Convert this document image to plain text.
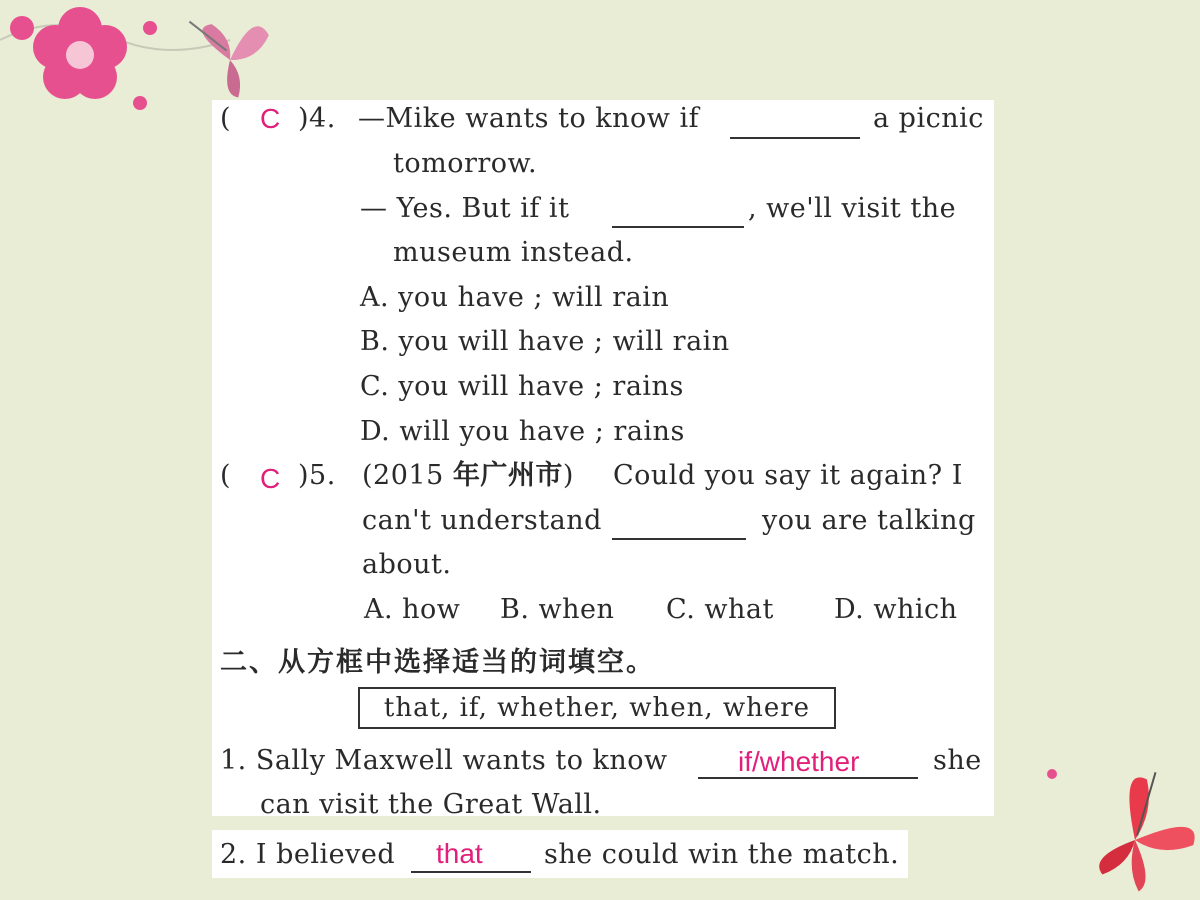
( C )4. —Mike wants to know if	a picnic
tomorrow.
— Yes. But if it	, we'll visit the
museum instead.
A. you have ; will rain
B. you will have ; will rain
C. you will have ; rains
D. will you have ; rains
( C )5. (2015 年广州市) Could you say it again? I
can't understand	you are talking
about.
A. how B. when C. what D. which
二、从方框中选择适当的词填空。
that, if, whether, when, where
1. Sally Maxwell wants to know	if/whether	she
can visit the Great Wall.
2. I believed that she could win the match.
